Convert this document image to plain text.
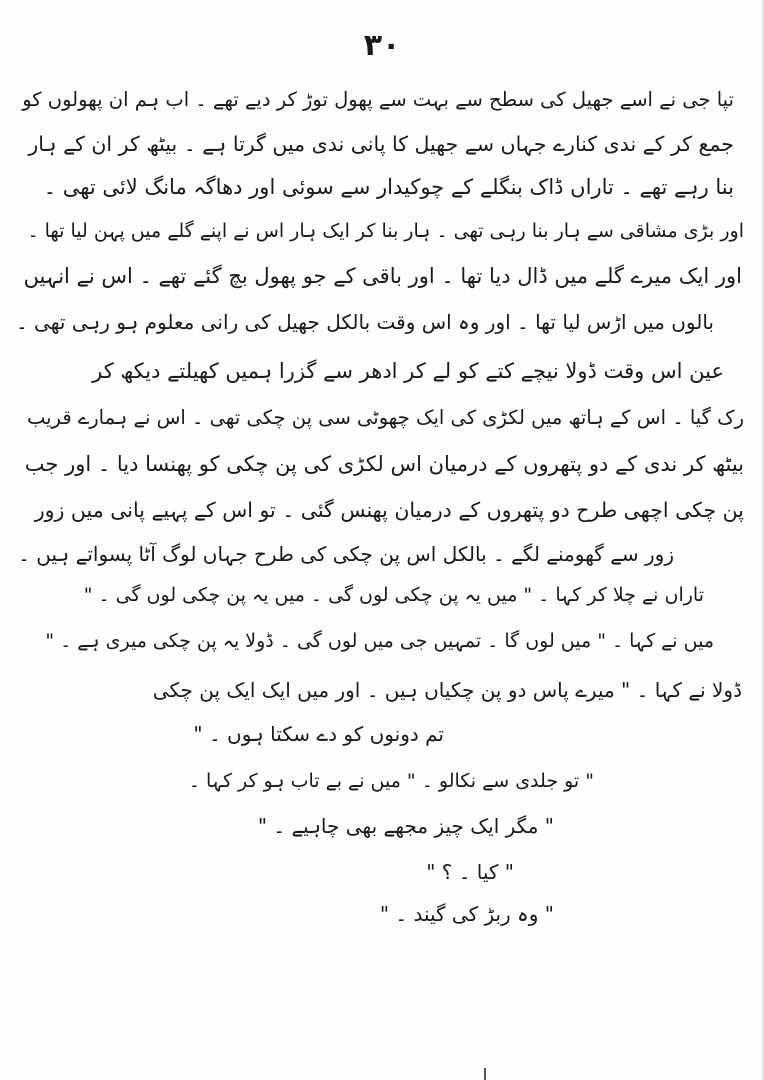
۳۰
تپا جی نے اسے جھیل کی سطح سے بہت سے پھول توڑ کر دیے تھے ۔ اب ہم ان پھولوں کو
جمع کر کے ندی کنارے جہاں سے جھیل کا پانی ندی میں گرتا ہے ۔ بیٹھ کر ان کے ہار
بنا رہے تھے ۔ تاراں ڈاک بنگلے کے چوکیدار سے سوئی اور دھاگہ مانگ لائی تھی ۔
اور بڑی مشاقی سے ہار بنا رہی تھی ۔ ہار بنا کر ایک ہار اس نے اپنے گلے میں پہن لیا تھا ۔
اور ایک میرے گلے میں ڈال دیا تھا ۔ اور باقی کے جو پھول بچ گئے تھے ۔ اس نے انہیں
بالوں میں اڑس لیا تھا ۔ اور وہ اس وقت بالکل جھیل کی رانی معلوم ہو رہی تھی ۔
عین اس وقت ڈولا نیچے کتے کو لے کر ادھر سے گزرا ہمیں کھیلتے دیکھ کر
رک گیا ۔ اس کے ہاتھ میں لکڑی کی ایک چھوٹی سی پن چکی تھی ۔ اس نے ہمارے قریب
بیٹھ کر ندی کے دو پتھروں کے درمیان اس لکڑی کی پن چکی کو پھنسا دیا ۔ اور جب
پن چکی اچھی طرح دو پتھروں کے درمیان پھنس گئی ۔ تو اس کے پہیے پانی میں زور
زور سے گھومنے لگے ۔ بالکل اس پن چکی کی طرح جہاں لوگ آٹا پسواتے ہیں ۔
تاراں نے چلا کر کہا ۔ " میں یہ پن چکی لوں گی ۔ میں یہ پن چکی لوں گی ۔ "
میں نے کہا ۔ " میں لوں گا ۔ تمہیں جی میں لوں گی ۔ ڈولا یہ پن چکی میری ہے ۔ "
ڈولا نے کہا ۔ " میرے پاس دو پن چکیاں ہیں ۔ اور میں ایک ایک پن چکی
تم دونوں کو دے سکتا ہوں ۔ "
" تو جلدی سے نکالو ۔ " میں نے بے تاب ہو کر کہا ۔
" مگر ایک چیز مجھے بھی چاہیے ۔ "
" کیا ۔ ؟ "
" وہ ربڑ کی گیند ۔ "
